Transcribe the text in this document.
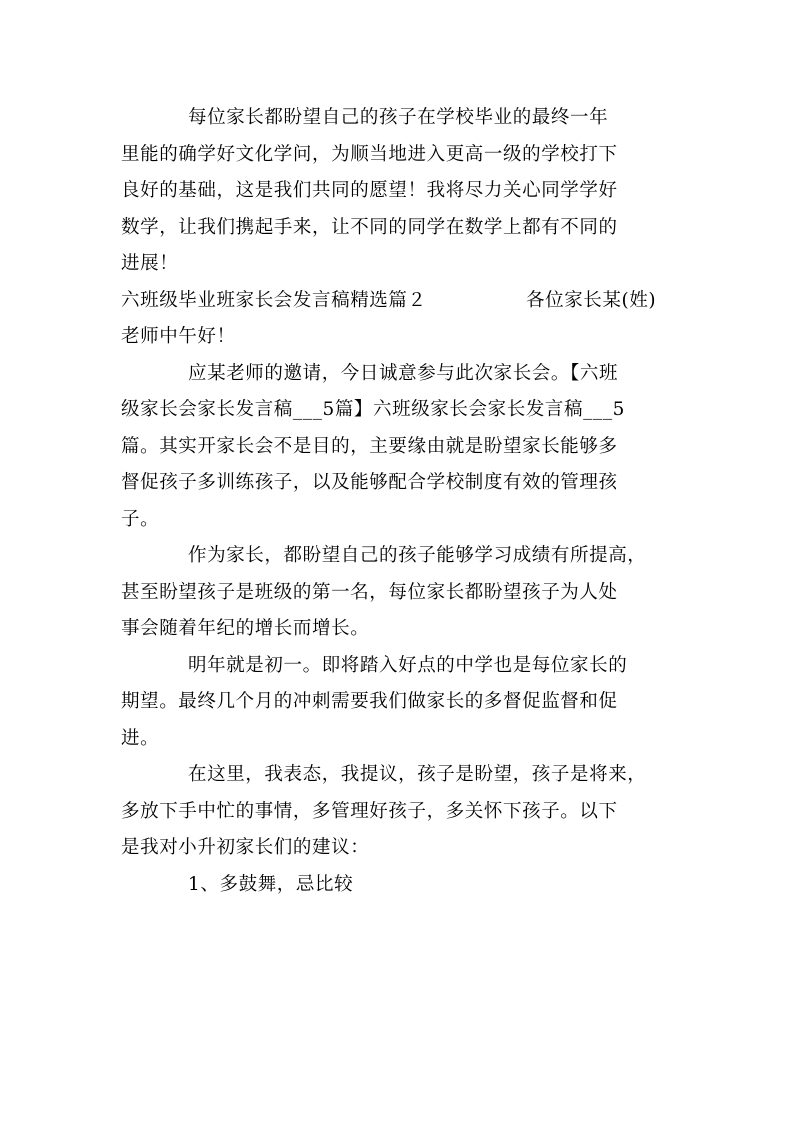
每位家长都盼望自己的孩子在学校毕业的最终一年
里能的确学好文化学问，为顺当地进入更高一级的学校打下
良好的基础，这是我们共同的愿望！我将尽力关心同学学好
数学，让我们携起手来，让不同的同学在数学上都有不同的
进展！
六班级毕业班家长会发言稿精选篇２	各位家长某(姓)
老师中午好！
应某老师的邀请，今日诚意参与此次家长会。【六班
级家长会家长发言稿___5篇】六班级家长会家长发言稿___5
篇。其实开家长会不是目的，主要缘由就是盼望家长能够多
督促孩子多训练孩子，以及能够配合学校制度有效的管理孩
子。
作为家长，都盼望自己的孩子能够学习成绩有所提高，
甚至盼望孩子是班级的第一名，每位家长都盼望孩子为人处
事会随着年纪的增长而增长。
明年就是初一。即将踏入好点的中学也是每位家长的
期望。最终几个月的冲刺需要我们做家长的多督促监督和促
进。
在这里，我表态，我提议，孩子是盼望，孩子是将来，
多放下手中忙的事情，多管理好孩子，多关怀下孩子。以下
是我对小升初家长们的建议：
1、多鼓舞，忌比较
